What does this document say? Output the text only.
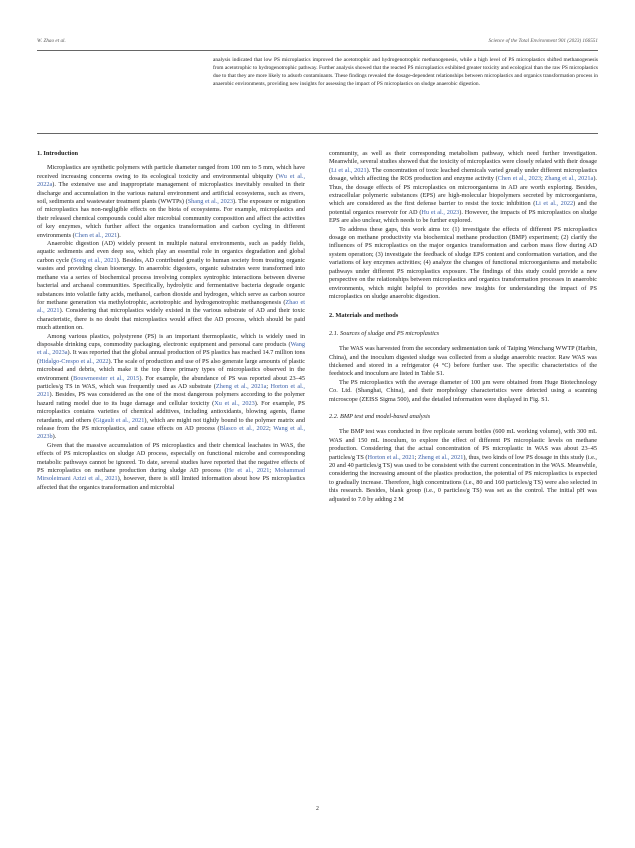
W. Zhao et al.	Science of the Total Environment 901 (2023) 166551
analysis indicated that low PS microplastics improved the acetotrophic and hydrogenotrophic methanogenesis, while a high level of PS microplastics shifted methanogenesis from acetotrophic to hydrogenotrophic pathway. Further analysis showed that the reacted PS microplastics exhibited greater toxicity and ecological than the raw PS microplastics due to that they are more likely to adsorb contaminants. These findings revealed the dosage-dependent relationships between microplastics and organics transformation process in anaerobic environments, providing new insights for assessing the impact of PS microplastics on sludge anaerobic digestion.
1. Introduction

Microplastics are synthetic polymers with particle diameter ranged from 100 nm to 5 mm, which have received increasing concerns owing to its ecological toxicity and environmental ubiquity (Wu et al., 2022a). The extensive use and inappropriate management of microplastics inevitably resulted in their discharge and accumulation in the various natural environment and artificial ecosystems, such as rivers, soil, sediments and wastewater treatment plants (WWTPs) (Shang et al., 2023). The exposure or migration of microplastics has non-negligible effects on the biota of ecosystems. For example, microplastics and their released chemical compounds could alter microbial community composition and affect the activities of key enzymes, which further affect the organics transformation and carbon cycling in different environments (Chen et al., 2021).

Anaerobic digestion (AD) widely present in multiple natural environments, such as paddy fields, aquatic sediments and even deep sea, which play an essential role in organics degradation and global carbon cycle (Song et al., 2021). Besides, AD contributed greatly to human society from treating organic wastes and providing clean bioenergy. In anaerobic digesters, organic substrates were transformed into methane via a series of biochemical process involving complex syntrophic interactions between diverse bacterial and archaeal communities. Specifically, hydrolytic and fermentative bacteria degrade organic substances into volatile fatty acids, methanol, carbon dioxide and hydrogen, which serve as carbon source for methane generation via methylotrophic, acetotrophic and hydrogenotrophic methanogenesis (Zhao et al., 2021). Considering that microplastics widely existed in the various substrate of AD and their toxic characteristic, there is no doubt that microplastics would affect the AD process, which should be paid much attention on.

Among various plastics, polystyrene (PS) is an important thermoplastic, which is widely used in disposable drinking cups, commodity packaging, electronic equipment and personal care products (Wang et al., 2023a). It was reported that the global annual production of PS plastics has reached 14.7 million tons (Hidalgo-Crespo et al., 2022). The scale of production and use of PS also generate large amounts of plastic microbead and debris, which make it the top three primary types of microplastics observed in the environment (Bouwmeester et al., 2015). For example, the abundance of PS was reported about 23–45 particles/g TS in WAS, which was frequently used as AD substrate (Zheng et al., 2021a; Horton et al., 2021). Besides, PS was considered as the one of the most dangerous polymers according to the polymer hazard rating model due to its huge damage and cellular toxicity (Xu et al., 2023). For example, PS microplastics contains varieties of chemical additives, including antioxidants, blowing agents, flame retardants, and others (Gigault et al., 2021), which are might not tightly bound to the polymer matrix and release from the PS microplastics, and cause effects on AD process (Blasco et al., 2022; Wang et al., 2023b).

Given that the massive accumulation of PS microplastics and their chemical leachates in WAS, the effects of PS microplastics on sludge AD process, especially on functional microbe and corresponding metabolic pathways cannot be ignored. To date, several studies have reported that the negative effects of PS microplastics on methane production during sludge AD process (He et al., 2021; Mohammad Mirsoleimani Azizi et al., 2021), however, there is still limited information about how PS microplastics affected that the organics transformation and microbial

community, as well as their corresponding metabolism pathway, which need further investigation. Meanwhile, several studies showed that the toxicity of microplastics were closely related with their dosage (Li et al., 2021). The concentration of toxic leached chemicals varied greatly under different microplastics dosage, which affecting the ROS production and enzyme activity (Chen et al., 2023; Zhang et al., 2021a). Thus, the dosage effects of PS microplastics on microorganisms in AD are worth exploring. Besides, extracellular polymeric substances (EPS) are high-molecular biopolymers secreted by microorganisms, which are considered as the first defense barrier to resist the toxic inhibition (Li et al., 2022) and the potential organics reservoir for AD (Hu et al., 2023). However, the impacts of PS microplastics on sludge EPS are also unclear, which needs to be further explored.

To address these gaps, this work aims to: (1) investigate the effects of different PS microplastics dosage on methane productivity via biochemical methane production (BMP) experiment; (2) clarify the influences of PS microplastics on the major organics transformation and carbon mass flow during AD system operation; (3) investigate the feedback of sludge EPS content and conformation variation, and the variations of key enzymes activities; (4) analyze the changes of functional microorganisms and metabolic pathways under different PS microplastics exposure. The findings of this study could provide a new perspective on the relationships between microplastics and organics transformation processes in anaerobic environments, which might helpful to provides new insights for understanding the impact of PS microplastics on sludge anaerobic digestion.

2. Materials and methods
2.1. Sources of sludge and PS microplastics

The WAS was harvested from the secondary sedimentation tank of Taiping Wenchang WWTP (Harbin, China), and the inoculum digested sludge was collected from a sludge anaerobic reactor. Raw WAS was thickened and stored in a refrigerator (4 °C) before further use. The specific characteristics of the feedstock and inoculum are listed in Table S1.

The PS microplastics with the average diameter of 100 μm were obtained from Huge Biotechnology Co. Ltd. (Shanghai, China), and their morphology characteristics were detected using a scanning microscope (ZEISS Sigma 500), and the detailed information were displayed in Fig. S1.

2.2. BMP test and model-based analysis

The BMP test was conducted in five replicate serum bottles (600 mL working volume), with 300 mL WAS and 150 mL inoculum, to explore the effect of different PS microplastic levels on methane production. Considering that the actual concentration of PS microplastic in WAS was about 23–45 particles/g TS (Horton et al., 2021; Zheng et al., 2021), thus, two kinds of low PS dosage in this study (i.e., 20 and 40 particles/g TS) was used to be consistent with the current concentration in the WAS. Meanwhile, considering the increasing amount of the plastics production, the potential of PS microplastics is expected to gradually increase. Therefore, high concentrations (i.e., 80 and 160 particles/g TS) were also selected in this research. Besides, blank group (i.e., 0 particles/g TS) was set as the control. The initial pH was adjusted to 7.0 by adding 2 M

2
